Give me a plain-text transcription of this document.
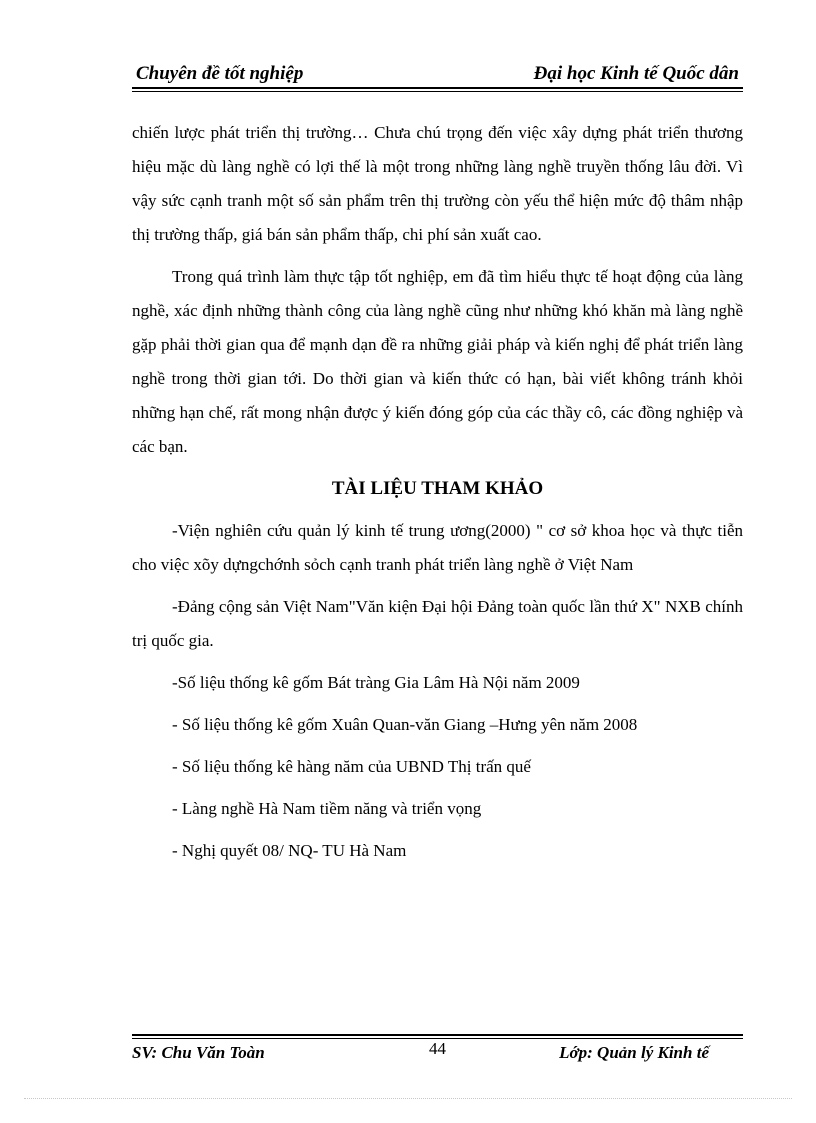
Chuyên đề tốt nghiệp	Đại học Kinh tế Quốc dân

chiến lược phát triển thị trường… Chưa chú trọng đến việc xây dựng phát triển thương hiệu mặc dù làng nghề có lợi thế là một trong những làng nghề truyền thống lâu đời. Vì vậy sức cạnh tranh một số sản phẩm trên thị trường còn yếu thể hiện mức độ thâm nhập thị trường thấp, giá bán sản phẩm thấp, chi phí sản xuất cao.

Trong quá trình làm thực tập tốt nghiệp, em đã tìm hiểu thực tế hoạt động của làng nghề, xác định những thành công của làng nghề cũng như những khó khăn mà làng nghề gặp phải thời gian qua để mạnh dạn đề ra những giải pháp và kiến nghị để phát triển làng nghề trong thời gian tới. Do thời gian và kiến thức có hạn, bài viết không tránh khỏi những hạn chế, rất mong nhận được ý kiến đóng góp của các thầy cô, các đồng nghiệp và các bạn.

TÀI LIỆU THAM KHẢO

-Viện nghiên cứu quản lý kinh tế trung ương(2000) " cơ sở khoa học và thực tiễn cho việc xõy dựngchớnh sỏch cạnh tranh phát triển làng nghề ở Việt Nam

-Đảng cộng sản Việt Nam"Văn kiện Đại hội Đảng toàn quốc lần thứ X" NXB chính trị quốc gia.

-Số liệu thống kê gốm Bát tràng Gia Lâm Hà Nội năm 2009

- Số liệu thống kê gốm Xuân Quan-văn Giang –Hưng yên năm 2008

- Số liệu thống kê hàng năm của UBND Thị trấn quế

- Làng nghề Hà Nam tiềm năng và triển vọng

- Nghị quyết 08/ NQ- TU Hà Nam

SV: Chu Văn Toàn	44	Lớp: Quản lý Kinh tế
